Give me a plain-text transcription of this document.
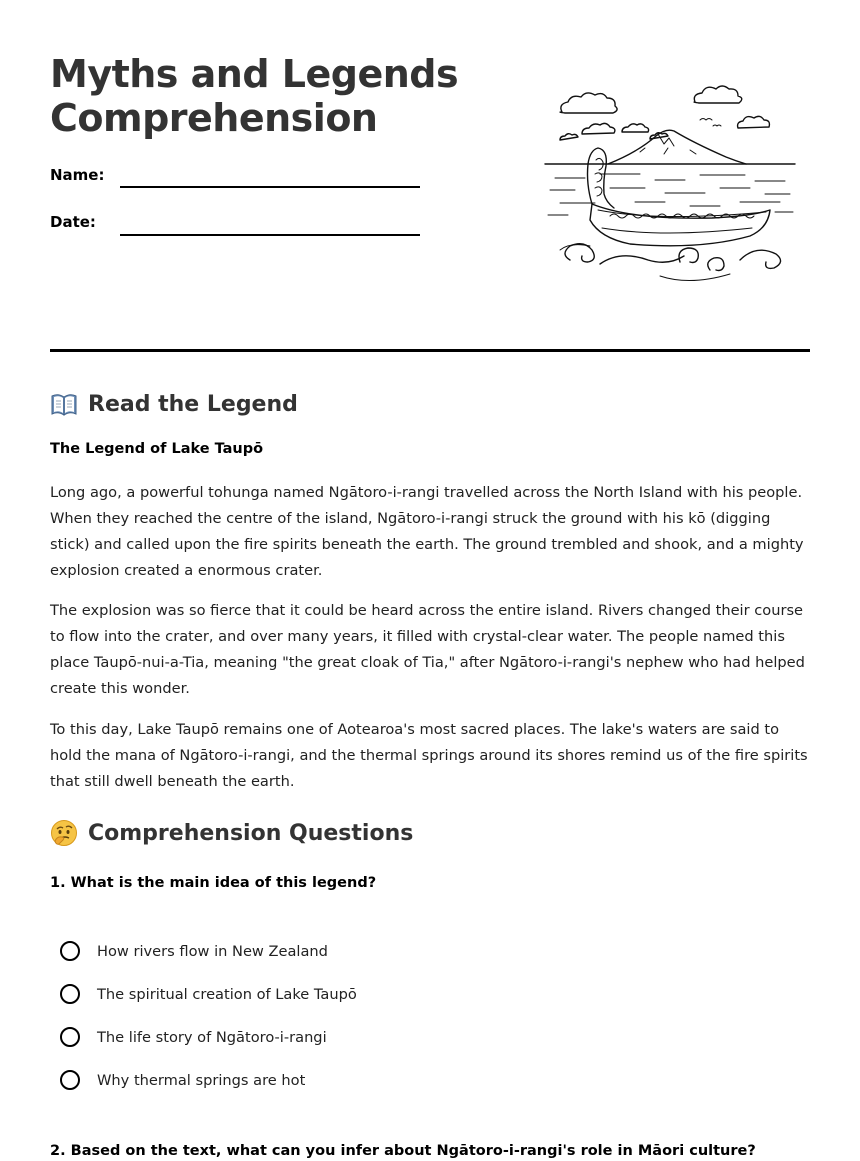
Myths and Legends
Comprehension
Name:
Date:
Read the Legend
The Legend of Lake Taupō

Long ago, a powerful tohunga named Ngātoro-i-rangi travelled across the North Island with his people. When they reached the centre of the island, Ngātoro-i-rangi struck the ground with his kō (digging stick) and called upon the fire spirits beneath the earth. The ground trembled and shook, and a mighty explosion created a enormous crater.

The explosion was so fierce that it could be heard across the entire island. Rivers changed their course to flow into the crater, and over many years, it filled with crystal-clear water. The people named this place Taupō-nui-a-Tia, meaning "the great cloak of Tia," after Ngātoro-i-rangi's nephew who had helped create this wonder.

To this day, Lake Taupō remains one of Aotearoa's most sacred places. The lake's waters are said to hold the mana of Ngātoro-i-rangi, and the thermal springs around its shores remind us of the fire spirits that still dwell beneath the earth.

Comprehension Questions
1. What is the main idea of this legend?
How rivers flow in New Zealand
The spiritual creation of Lake Taupō
The life story of Ngātoro-i-rangi
Why thermal springs are hot
2. Based on the text, what can you infer about Ngātoro-i-rangi's role in Māori culture?
